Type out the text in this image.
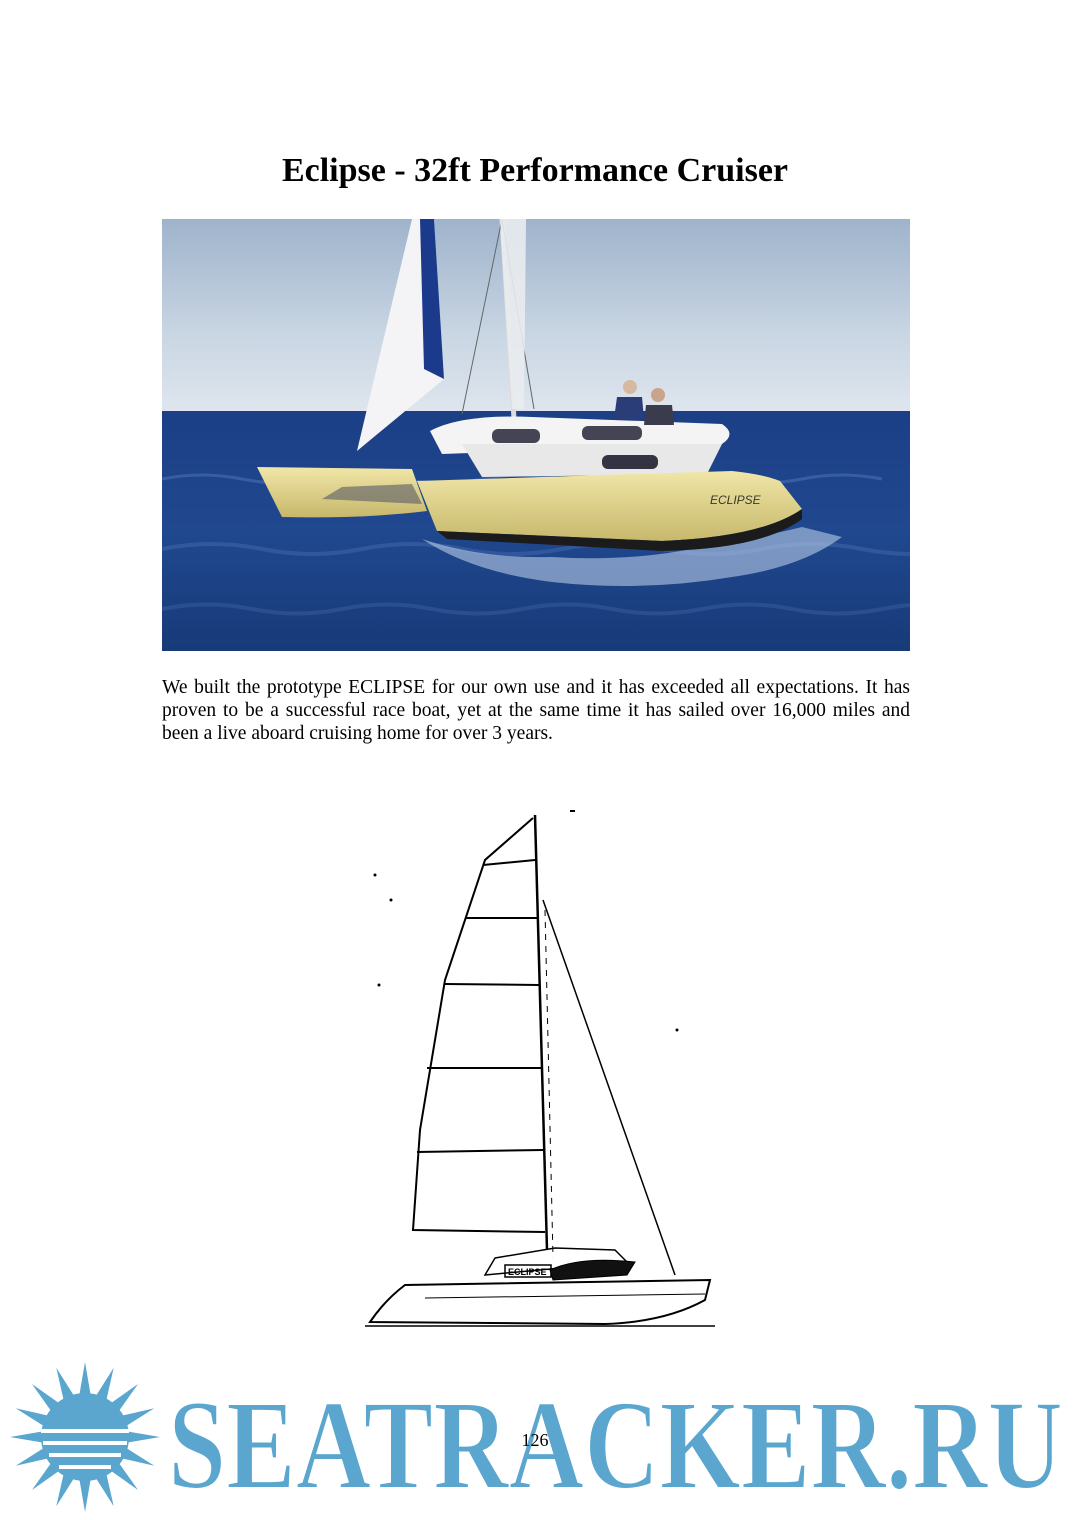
Eclipse - 32ft Performance Cruiser
ECLIPSE
We built the prototype ECLIPSE for our own use and it has exceeded all expectations. It has proven to be a successful race boat, yet at the same time it has sailed over 16,000 miles and been a live aboard cruising home for over 3 years.
ECLIPSE
SEATRACKER.RU
126
